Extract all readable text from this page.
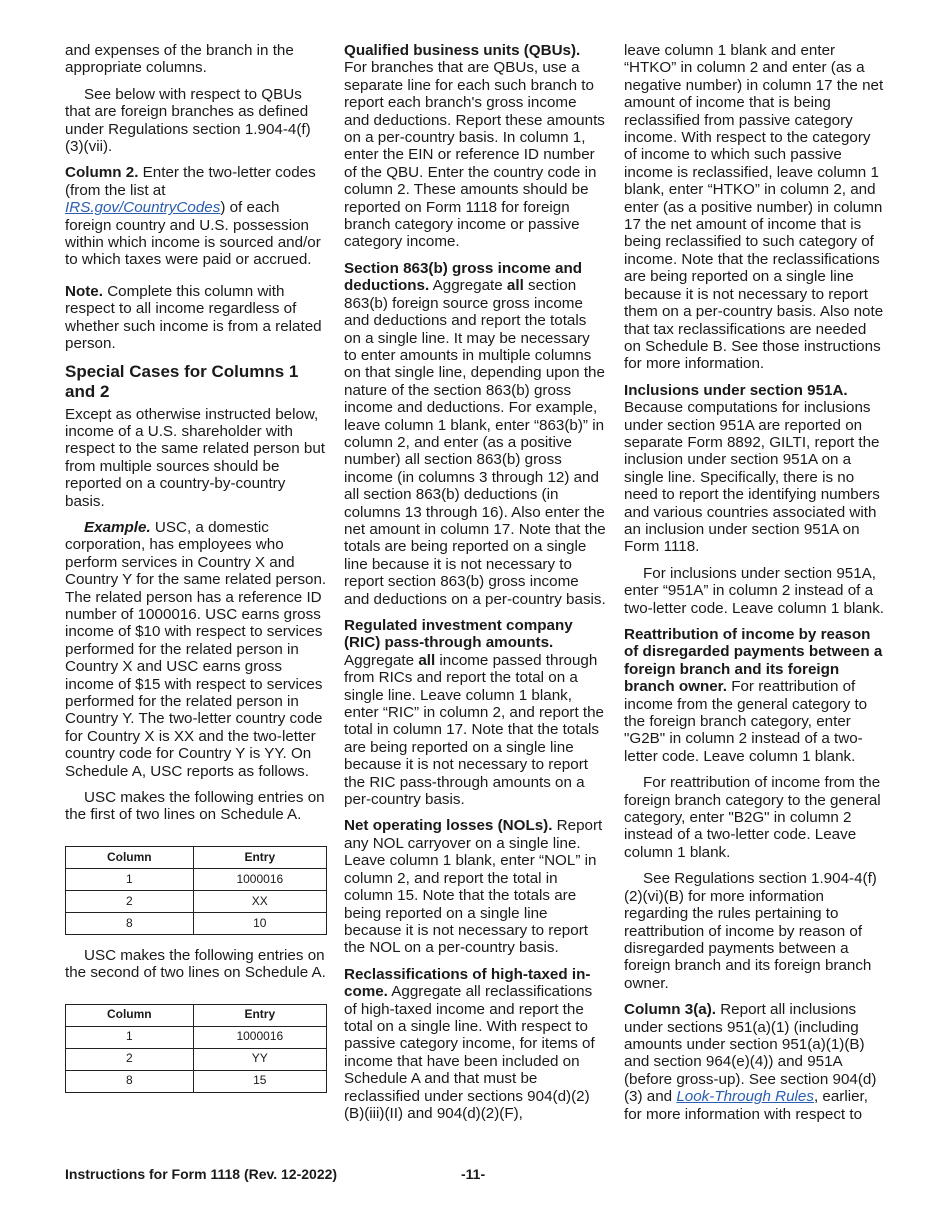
and expenses of the branch in the appropriate columns.

See below with respect to QBUs that are foreign branches as defined under Regulations section 1.904-4(f)(3)(vii).

Column 2. Enter the two-letter codes (from the list at IRS.gov/CountryCodes) of each foreign country and U.S. possession within which income is sourced and/or to which taxes were paid or accrued.

Note. Complete this column with respect to all income regardless of whether such income is from a related person.

Special Cases for Columns 1 and 2

Except as otherwise instructed below, income of a U.S. shareholder with respect to the same related person but from multiple sources should be reported on a country-by-country basis.

Example. USC, a domestic corporation, has employees who perform services in Country X and Country Y for the same related person. The related person has a reference ID number of 1000016. USC earns gross income of $10 with respect to services performed for the related person in Country X and USC earns gross income of $15 with respect to services performed for the related person in Country Y. The two-letter country code for Country X is XX and the two-letter country code for Country Y is YY. On Schedule A, USC reports as follows.

USC makes the following entries on the first of two lines on Schedule A.

Column	Entry
1	1000016
2	XX
8	10

USC makes the following entries on the second of two lines on Schedule A.

Column	Entry
1	1000016
2	YY
8	15

Qualified business units (QBUs). For branches that are QBUs, use a separate line for each such branch to report each branch's gross income and deductions. Report these amounts on a per-country basis. In column 1, enter the EIN or reference ID number of the QBU. Enter the country code in column 2. These amounts should be reported on Form 1118 for foreign branch category income or passive category income.

Section 863(b) gross income and deductions. Aggregate all section 863(b) foreign source gross income and deductions and report the totals on a single line. It may be necessary to enter amounts in multiple columns on that single line, depending upon the nature of the section 863(b) gross income and deductions. For example, leave column 1 blank, enter “863(b)” in column 2, and enter (as a positive number) all section 863(b) gross income (in columns 3 through 12) and all section 863(b) deductions (in columns 13 through 16). Also enter the net amount in column 17. Note that the totals are being reported on a single line because it is not necessary to report section 863(b) gross income and deductions on a per-country basis.

Regulated investment company (RIC) pass-through amounts. Aggregate all income passed through from RICs and report the total on a single line. Leave column 1 blank, enter “RIC” in column 2, and report the total in column 17. Note that the totals are being reported on a single line because it is not necessary to report the RIC pass-through amounts on a per-country basis.

Net operating losses (NOLs). Report any NOL carryover on a single line. Leave column 1 blank, enter “NOL” in column 2, and report the total in column 15. Note that the totals are being reported on a single line because it is not necessary to report the NOL on a per-country basis.

Reclassifications of high-taxed in-come. Aggregate all reclassifications of high-taxed income and report the total on a single line. With respect to passive category income, for items of income that have been included on Schedule A and that must be reclassified under sections 904(d)(2)(B)(iii)(II) and 904(d)(2)(F),

leave column 1 blank and enter “HTKO” in column 2 and enter (as a negative number) in column 17 the net amount of income that is being reclassified from passive category income. With respect to the category of income to which such passive income is reclassified, leave column 1 blank, enter “HTKO” in column 2, and enter (as a positive number) in column 17 the net amount of income that is being reclassified to such category of income. Note that the reclassifications are being reported on a single line because it is not necessary to report them on a per-country basis. Also note that tax reclassifications are needed on Schedule B. See those instructions for more information.

Inclusions under section 951A. Because computations for inclusions under section 951A are reported on separate Form 8892, GILTI, report the inclusion under section 951A on a single line. Specifically, there is no need to report the identifying numbers and various countries associated with an inclusion under section 951A on Form 1118.

For inclusions under section 951A, enter “951A” in column 2 instead of a two-letter code. Leave column 1 blank.

Reattribution of income by reason of disregarded payments between a foreign branch and its foreign branch owner. For reattribution of income from the general category to the foreign branch category, enter "G2B" in column 2 instead of a two-letter code. Leave column 1 blank.

For reattribution of income from the foreign branch category to the general category, enter "B2G" in column 2 instead of a two-letter code. Leave column 1 blank.

See Regulations section 1.904-4(f)(2)(vi)(B) for more information regarding the rules pertaining to reattribution of income by reason of disregarded payments between a foreign branch and its foreign branch owner.

Column 3(a). Report all inclusions under sections 951(a)(1) (including amounts under section 951(a)(1)(B) and section 964(e)(4)) and 951A (before gross-up). See section 904(d)(3) and Look-Through Rules, earlier, for more information with respect to

Instructions for Form 1118 (Rev. 12-2022)	-11-
